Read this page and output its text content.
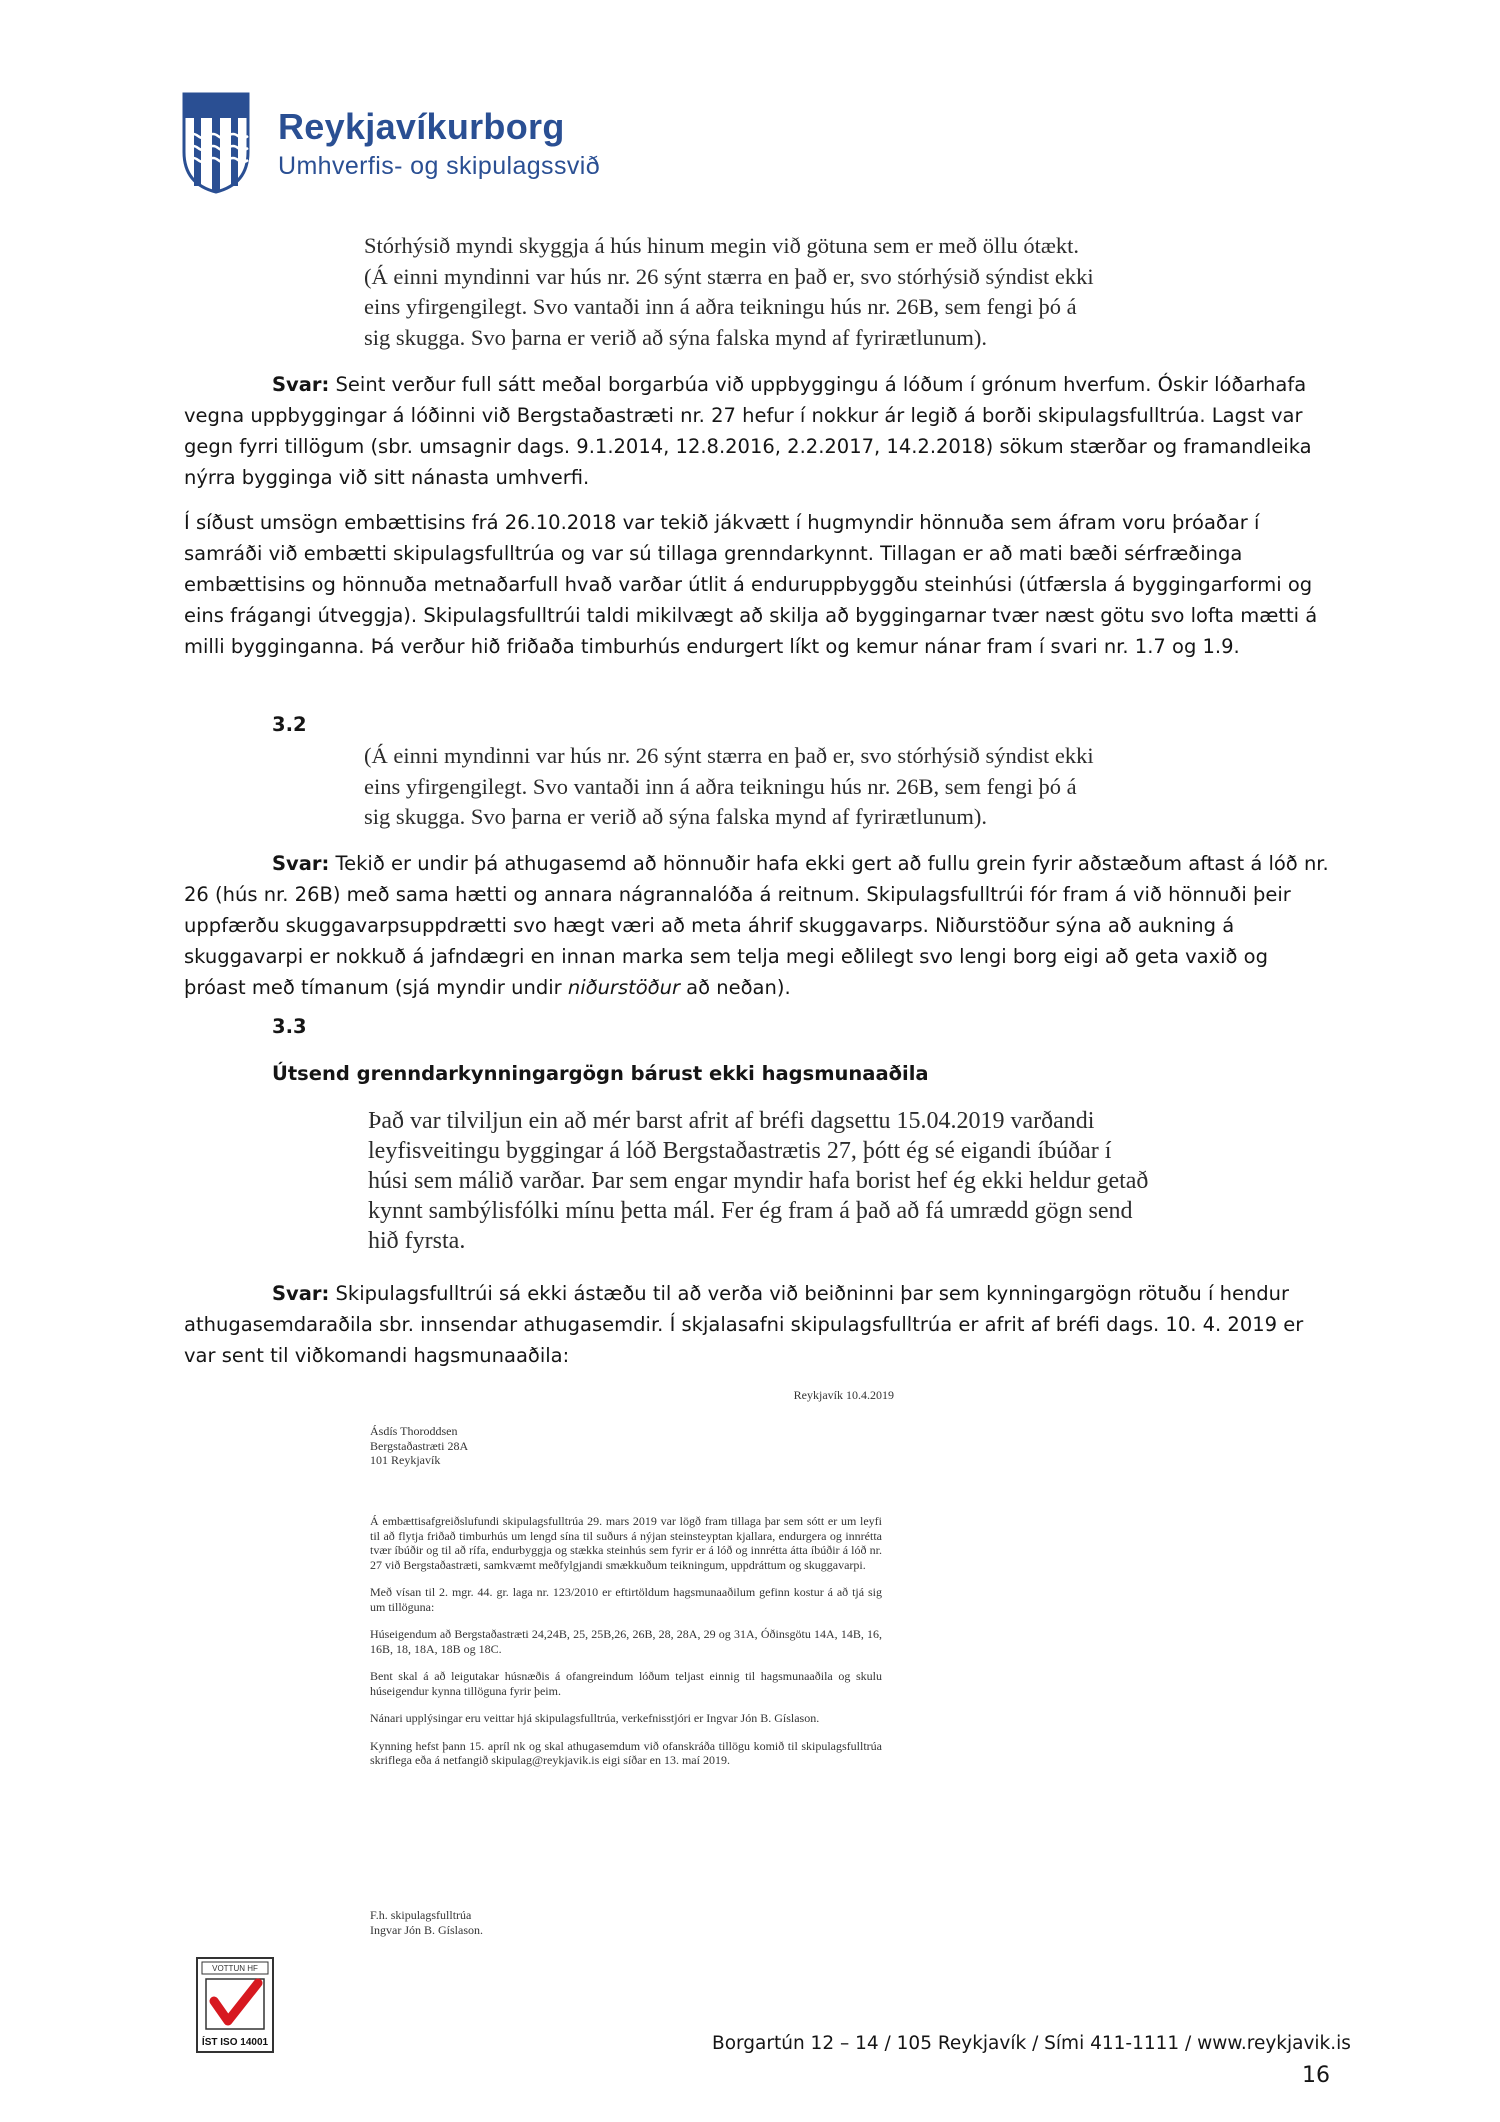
Reykjavíkurborg
Umhverfis- og skipulagssvið

Stórhýsið myndi skyggja á hús hinum megin við götuna sem er með öllu ótækt.

(Á einni myndinni var hús nr. 26 sýnt stærra en það er, svo stórhýsið sýndist ekki

eins yfirgengilegt. Svo vantaði inn á aðra teikningu hús nr. 26B, sem fengi þó á

sig skugga. Svo þarna er verið að sýna falska mynd af fyrirætlunum).

Svar: Seint verður full sátt meðal borgarbúa við uppbyggingu á lóðum í grónum hverfum. Óskir lóðarhafa vegna uppbyggingar á lóðinni við Bergstaðastræti nr. 27 hefur í nokkur ár legið á borði skipulagsfulltrúa. Lagst var gegn fyrri tillögum (sbr. umsagnir dags. 9.1.2014, 12.8.2016, 2.2.2017, 14.2.2018) sökum stærðar og framandleika nýrra bygginga við sitt nánasta umhverfi.

Í síðust umsögn embættisins frá 26.10.2018 var tekið jákvætt í hugmyndir hönnuða sem áfram voru þróaðar í samráði við embætti skipulagsfulltrúa og var sú tillaga grenndarkynnt. Tillagan er að mati bæði sérfræðinga embættisins og hönnuða metnaðarfull hvað varðar útlit á enduruppbyggðu steinhúsi (útfærsla á byggingarformi og eins frágangi útveggja). Skipulagsfulltrúi taldi mikilvægt að skilja að byggingarnar tvær næst götu svo lofta mætti á milli bygginganna. Þá verður hið friðaða timburhús endurgert líkt og kemur nánar fram í svari nr. 1.7 og 1.9.

3.2

(Á einni myndinni var hús nr. 26 sýnt stærra en það er, svo stórhýsið sýndist ekki

eins yfirgengilegt. Svo vantaði inn á aðra teikningu hús nr. 26B, sem fengi þó á

sig skugga. Svo þarna er verið að sýna falska mynd af fyrirætlunum).

Svar: Tekið er undir þá athugasemd að hönnuðir hafa ekki gert að fullu grein fyrir aðstæðum aftast á lóð nr. 26 (hús nr. 26B) með sama hætti og annara nágrannalóða á reitnum. Skipulagsfulltrúi fór fram á við hönnuði þeir uppfærðu skuggavarpsuppdrætti svo hægt væri að meta áhrif skuggavarps. Niðurstöður sýna að aukning á skuggavarpi er nokkuð á jafndægri en innan marka sem telja megi eðlilegt svo lengi borg eigi að geta vaxið og þróast með tímanum (sjá myndir undir niðurstöður að neðan).

3.3
Útsend grenndarkynningargögn bárust ekki hagsmunaaðila

Það var tilviljun ein að mér barst afrit af bréfi dagsettu 15.04.2019 varðandi

leyfisveitingu byggingar á lóð Bergstaðastrætis 27, þótt ég sé eigandi íbúðar í

húsi sem málið varðar. Þar sem engar myndir hafa borist hef ég ekki heldur getað

kynnt sambýlisfólki mínu þetta mál. Fer ég fram á það að fá umrædd gögn send

hið fyrsta.

Svar: Skipulagsfulltrúi sá ekki ástæðu til að verða við beiðninni þar sem kynningargögn rötuðu í hendur athugasemdaraðila sbr. innsendar athugasemdir. Í skjalasafni skipulagsfulltrúa er afrit af bréfi dags. 10. 4. 2019 er var sent til viðkomandi hagsmunaaðila:

Reykjavík 10.4.2019
Ásdís Thoroddsen
Bergstaðastræti 28A
101 Reykjavík

Á embættisafgreiðslufundi skipulagsfulltrúa 29. mars 2019 var lögð fram tillaga þar sem sótt er um leyfi til að flytja friðað timburhús um lengd sína til suðurs á nýjan steinsteyptan kjallara, endurgera og innrétta tvær íbúðir og til að rífa, endurbyggja og stækka steinhús sem fyrir er á lóð og innrétta átta íbúðir á lóð nr. 27 við Bergstaðastræti, samkvæmt meðfylgjandi smækkuðum teikningum, uppdráttum og skuggavarpi.

Með vísan til 2. mgr. 44. gr. laga nr. 123/2010 er eftirtöldum hagsmunaaðilum gefinn kostur á að tjá sig um tillöguna:

Húseigendum að Bergstaðastræti 24,24B, 25, 25B,26, 26B, 28, 28A, 29 og 31A, Óðinsgötu 14A, 14B, 16, 16B, 18, 18A, 18B og 18C.

Bent skal á að leigutakar húsnæðis á ofangreindum lóðum teljast einnig til hagsmunaaðila og skulu húseigendur kynna tillöguna fyrir þeim.

Nánari upplýsingar eru veittar hjá skipulagsfulltrúa, verkefnisstjóri er Ingvar Jón B. Gíslason.

Kynning hefst þann 15. apríl nk og skal athugasemdum við ofanskráða tillögu komið til skipulagsfulltrúa skriflega eða á netfangið skipulag@reykjavik.is eigi síðar en 13. maí 2019.

F.h. skipulagsfulltrúa
Ingvar Jón B. Gíslason.
VOTTUN HF
ÍST ISO 14001	Borgartún 12 – 14 / 105 Reykjavík / Sími 411-1111 / www.reykjavik.is
16
